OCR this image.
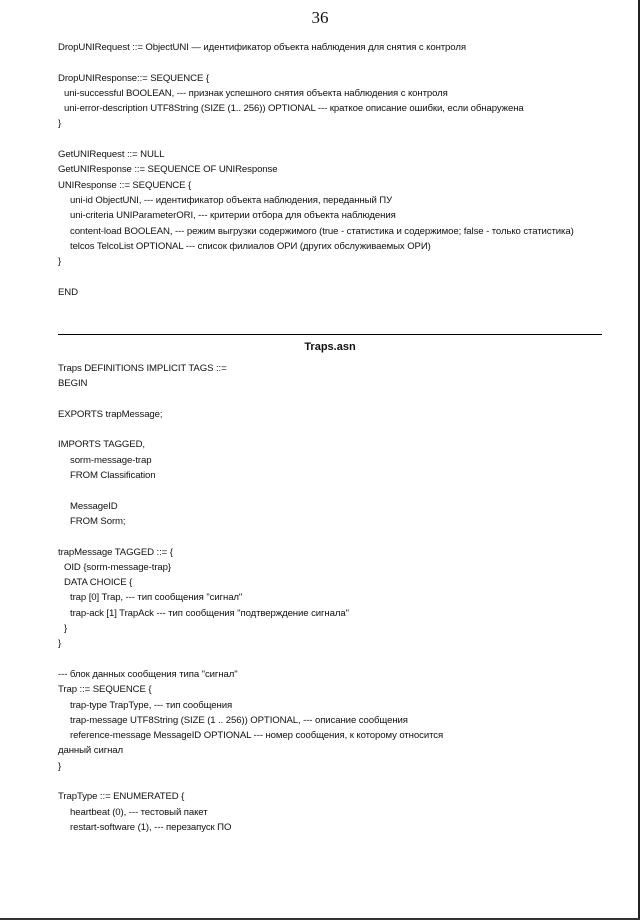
36
DropUNIRequest ::= ObjectUNI — идентификатор объекта наблюдения для снятия с контроля
DropUNIResponse::= SEQUENCE {
uni-successful BOOLEAN, --- признак успешного снятия объекта наблюдения с контроля
uni-error-description UTF8String (SIZE (1.. 256)) OPTIONAL --- краткое описание ошибки, если обнаружена
}
GetUNIRequest ::= NULL
GetUNIResponse ::= SEQUENCE OF UNIResponse
UNIResponse ::= SEQUENCE {
uni-id ObjectUNI, --- идентификатор объекта наблюдения, переданный ПУ
uni-criteria UNIParameterORI, --- критерии отбора для объекта наблюдения
content-load BOOLEAN, --- режим выгрузки содержимого (true - статистика и содержимое; false - только статистика)
telcos TelcoList OPTIONAL --- список филиалов ОРИ (других обслуживаемых ОРИ)
}
END
Traps.asn
Traps DEFINITIONS IMPLICIT TAGS ::=
BEGIN
EXPORTS trapMessage;
IMPORTS TAGGED,
sorm-message-trap
FROM Classification
MessageID
FROM Sorm;
trapMessage TAGGED ::= {
OID {sorm-message-trap}
DATA CHOICE {
trap [0] Trap, --- тип сообщения "сигнал"
trap-ack [1] TrapAck --- тип сообщения "подтверждение сигнала"
}
}
--- блок данных сообщения типа "сигнал"
Trap ::= SEQUENCE {
trap-type TrapType, --- тип сообщения
trap-message UTF8String (SIZE (1 .. 256)) OPTIONAL, --- описание сообщения
reference-message MessageID OPTIONAL --- номер сообщения, к которому относится
данный сигнал
}
TrapType ::= ENUMERATED {
heartbeat (0), --- тестовый пакет
restart-software (1), --- перезапуск ПО
